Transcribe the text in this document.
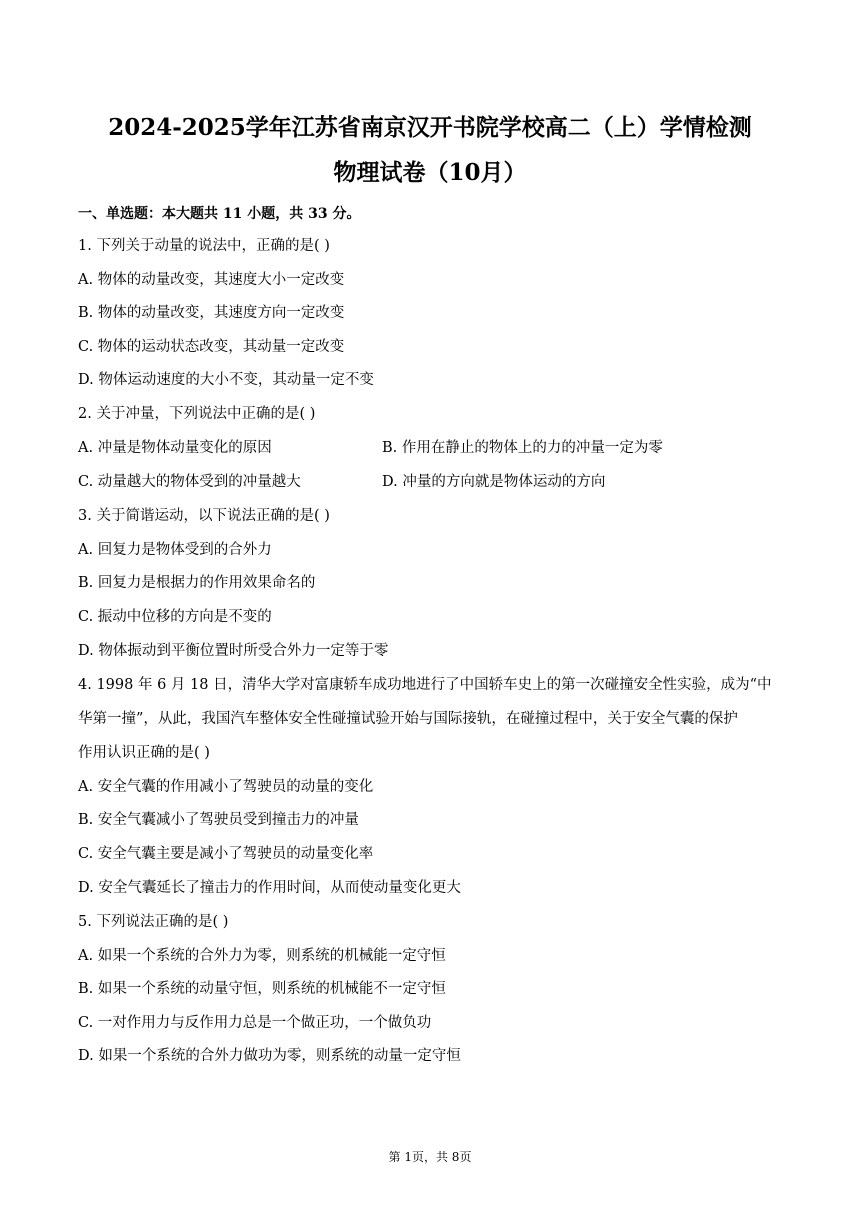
2024-2025学年江苏省南京汉开书院学校高二（上）学情检测
物理试卷（10月）
一、单选题：本大题共 11 小题，共 33 分。
1. 下列关于动量的说法中，正确的是( )
A. 物体的动量改变，其速度大小一定改变
B. 物体的动量改变，其速度方向一定改变
C. 物体的运动状态改变，其动量一定改变
D. 物体运动速度的大小不变，其动量一定不变
2. 关于冲量，下列说法中正确的是( )
A. 冲量是物体动量变化的原因	B. 作用在静止的物体上的力的冲量一定为零
C. 动量越大的物体受到的冲量越大	D. 冲量的方向就是物体运动的方向
3. 关于简谐运动，以下说法正确的是( )
A. 回复力是物体受到的合外力
B. 回复力是根据力的作用效果命名的
C. 振动中位移的方向是不变的
D. 物体振动到平衡位置时所受合外力一定等于零
4. 1998 年 6 月 18 日，清华大学对富康轿车成功地进行了中国轿车史上的第一次碰撞安全性实验，成为“中
华第一撞”，从此，我国汽车整体安全性碰撞试验开始与国际接轨，在碰撞过程中，关于安全气囊的保护
作用认识正确的是( )
A. 安全气囊的作用减小了驾驶员的动量的变化
B. 安全气囊减小了驾驶员受到撞击力的冲量
C. 安全气囊主要是减小了驾驶员的动量变化率
D. 安全气囊延长了撞击力的作用时间，从而使动量变化更大
5. 下列说法正确的是( )
A. 如果一个系统的合外力为零，则系统的机械能一定守恒
B. 如果一个系统的动量守恒，则系统的机械能不一定守恒
C. 一对作用力与反作用力总是一个做正功，一个做负功
D. 如果一个系统的合外力做功为零，则系统的动量一定守恒
第 1页，共 8页
